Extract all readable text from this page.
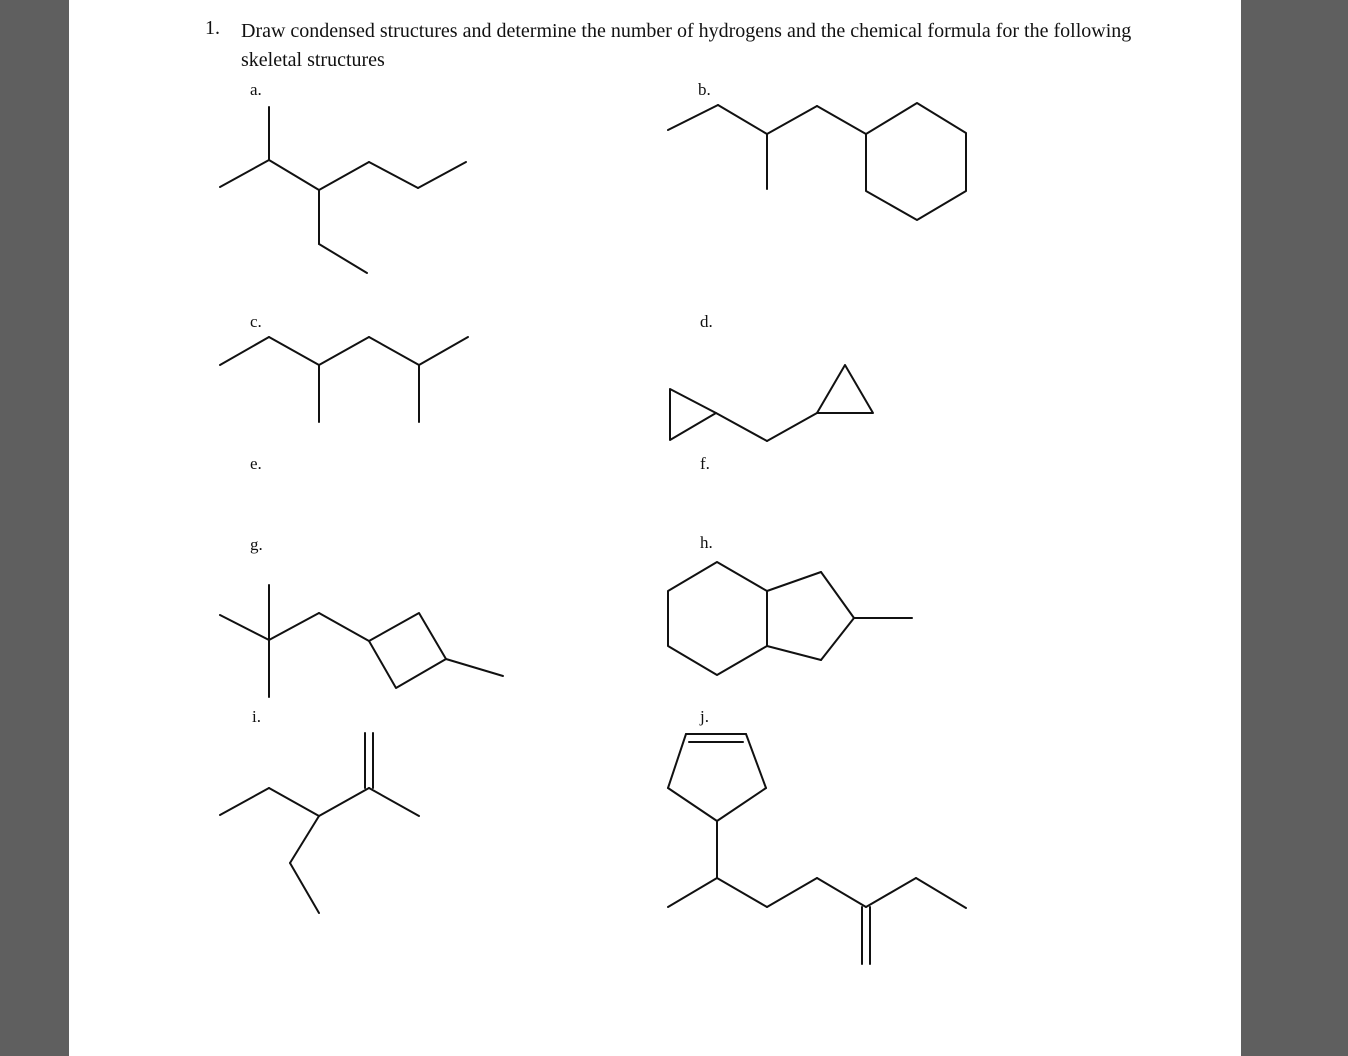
1. Draw condensed structures and determine the number of hydrogens and the chemical formula for the following skeletal structures
a.	b.
c.	d.
e.	f.
g.	h.
i.	j.
